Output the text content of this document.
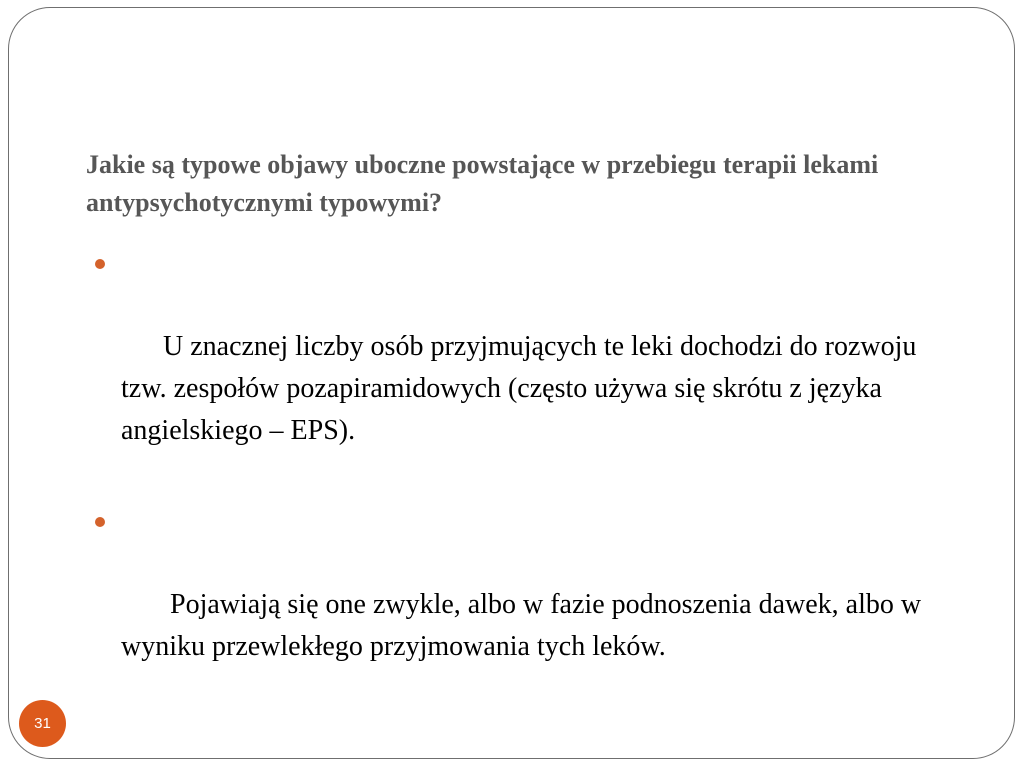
Jakie są typowe objawy uboczne powstające w przebiegu terapii lekami antypsychotycznymi typowymi?

U znacznej liczby osób przyjmujących te leki dochodzi do rozwoju tzw. zespołów pozapiramidowych (często używa się skrótu z języka angielskiego – EPS).

Pojawiają się one zwykle, albo w fazie podnoszenia dawek, albo w wyniku przewlekłego przyjmowania tych leków.

31
